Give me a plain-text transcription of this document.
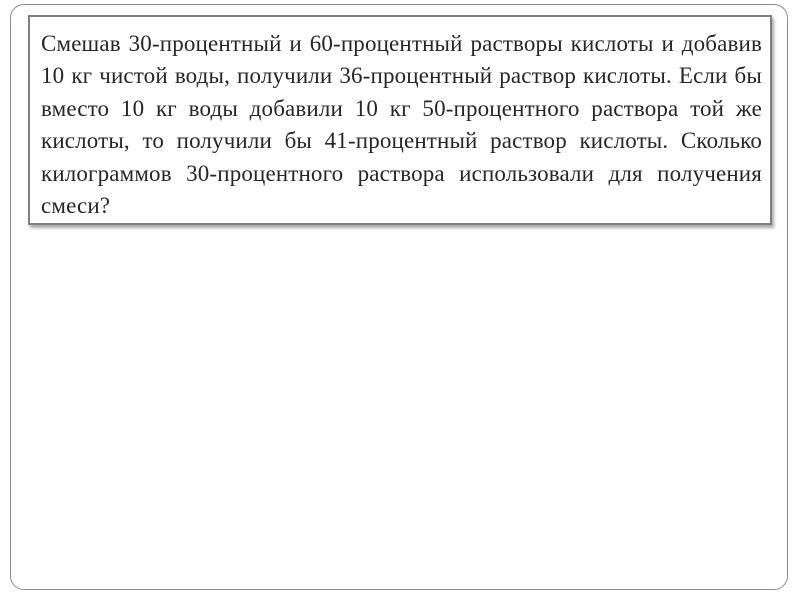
Смешав 30-процентный и 60-процентный растворы кислоты и добавив 10 кг чистой воды, получили 36-процентный раствор кислоты. Если бы вместо 10 кг воды добавили 10 кг 50-процентного раствора той же кислоты, то получили бы 41-процентный раствор кислоты. Сколько килограммов 30-процентного раствора использовали для получения смеси?
